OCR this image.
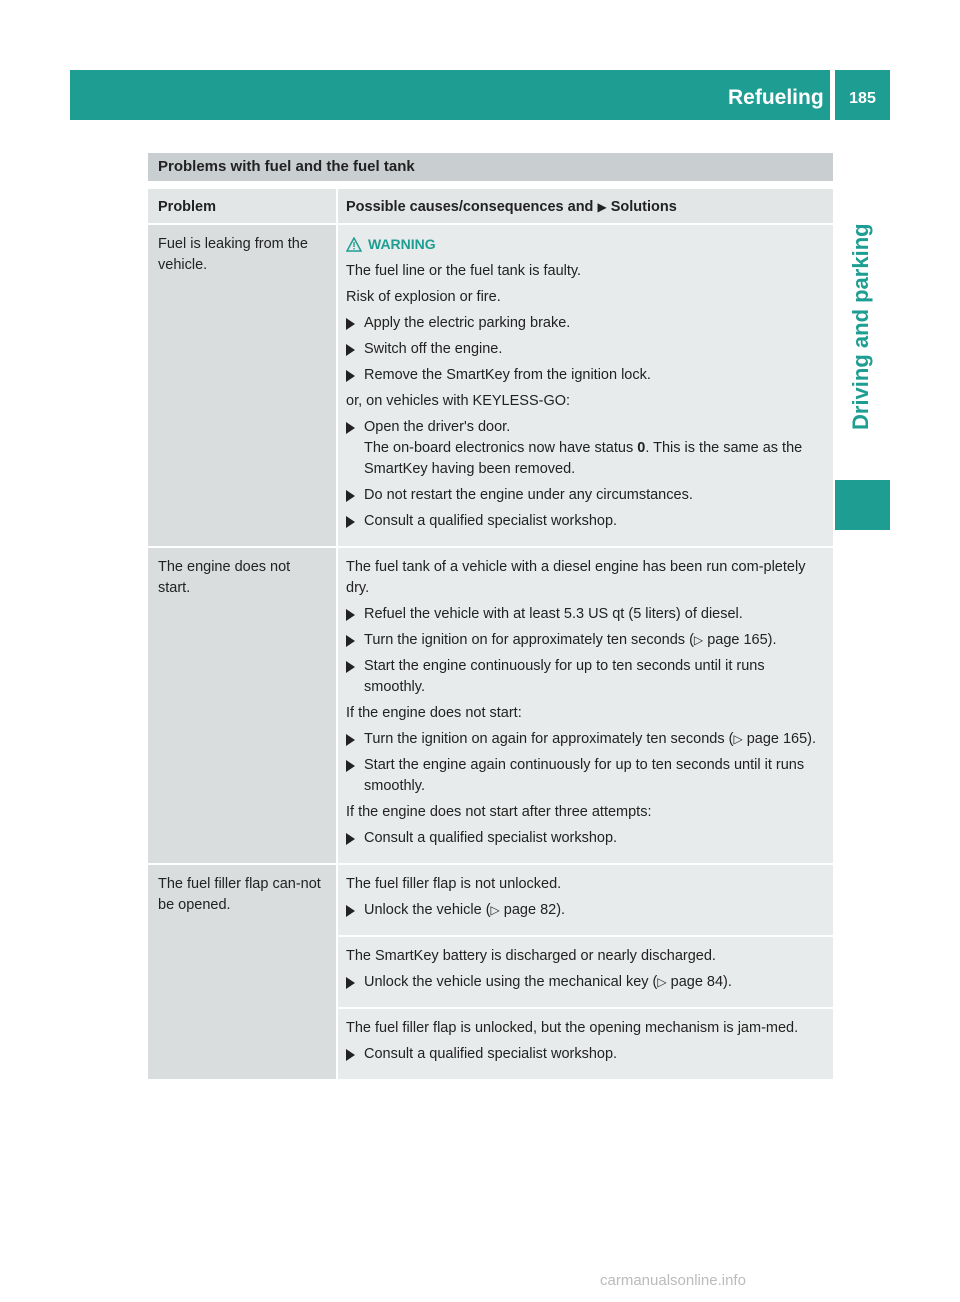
Refueling	185
Driving and parking
Problems with fuel and the fuel tank
Problem	Possible causes/consequences and ▶ Solutions
Fuel is leaking from the vehicle.
WARNING

The fuel line or the fuel tank is faulty.

Risk of explosion or fire.

Apply the electric parking brake.
Switch off the engine.
Remove the SmartKey from the ignition lock.

or, on vehicles with KEYLESS-GO:

Open the driver's door.
The on-board electronics now have status 0. This is the same as the SmartKey having been removed.
Do not restart the engine under any circumstances.
Consult a qualified specialist workshop.
The engine does not start.

The fuel tank of a vehicle with a diesel engine has been run com-pletely dry.

Refuel the vehicle with at least 5.3 US qt (5 liters) of diesel.
Turn the ignition on for approximately ten seconds (▷ page 165).
Start the engine continuously for up to ten seconds until it runs smoothly.

If the engine does not start:

Turn the ignition on again for approximately ten seconds (▷ page 165).
Start the engine again continuously for up to ten seconds until it runs smoothly.

If the engine does not start after three attempts:

Consult a qualified specialist workshop.
The fuel filler flap can-not be opened.

The fuel filler flap is not unlocked.

Unlock the vehicle (▷ page 82).

The SmartKey battery is discharged or nearly discharged.

Unlock the vehicle using the mechanical key (▷ page 84).

The fuel filler flap is unlocked, but the opening mechanism is jam-med.

Consult a qualified specialist workshop.
carmanualsonline.info
